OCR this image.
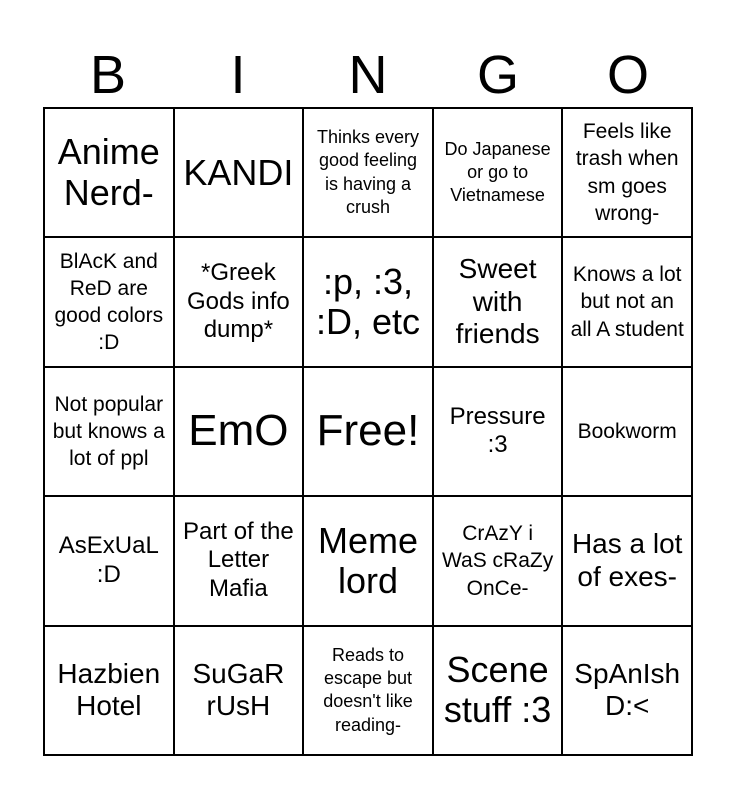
B	I	N	G	O
Anime Nerd- KANDI
Thinks every good feeling is having a crush
Do Japanese or go to Vietnamese
Feels like trash when sm goes wrong-
BlAcK and ReD are good colors :D
*Greek Gods info dump*
:p, :3, :D, etc
Sweet with friends
Knows a lot but not an all A student
Not popular but knows a lot of ppl
EmO Free!	Pressure :3
Bookworm
AsExUaL :D
Part of the Letter Mafia
Meme lord
CrAzY i WaS cRaZy OnCe-
Has a lot of exes-
Hazbien Hotel
SuGaR rUsH
Reads to escape but doesn't like reading-
Scene stuff :3
SpAnIsh D:<
